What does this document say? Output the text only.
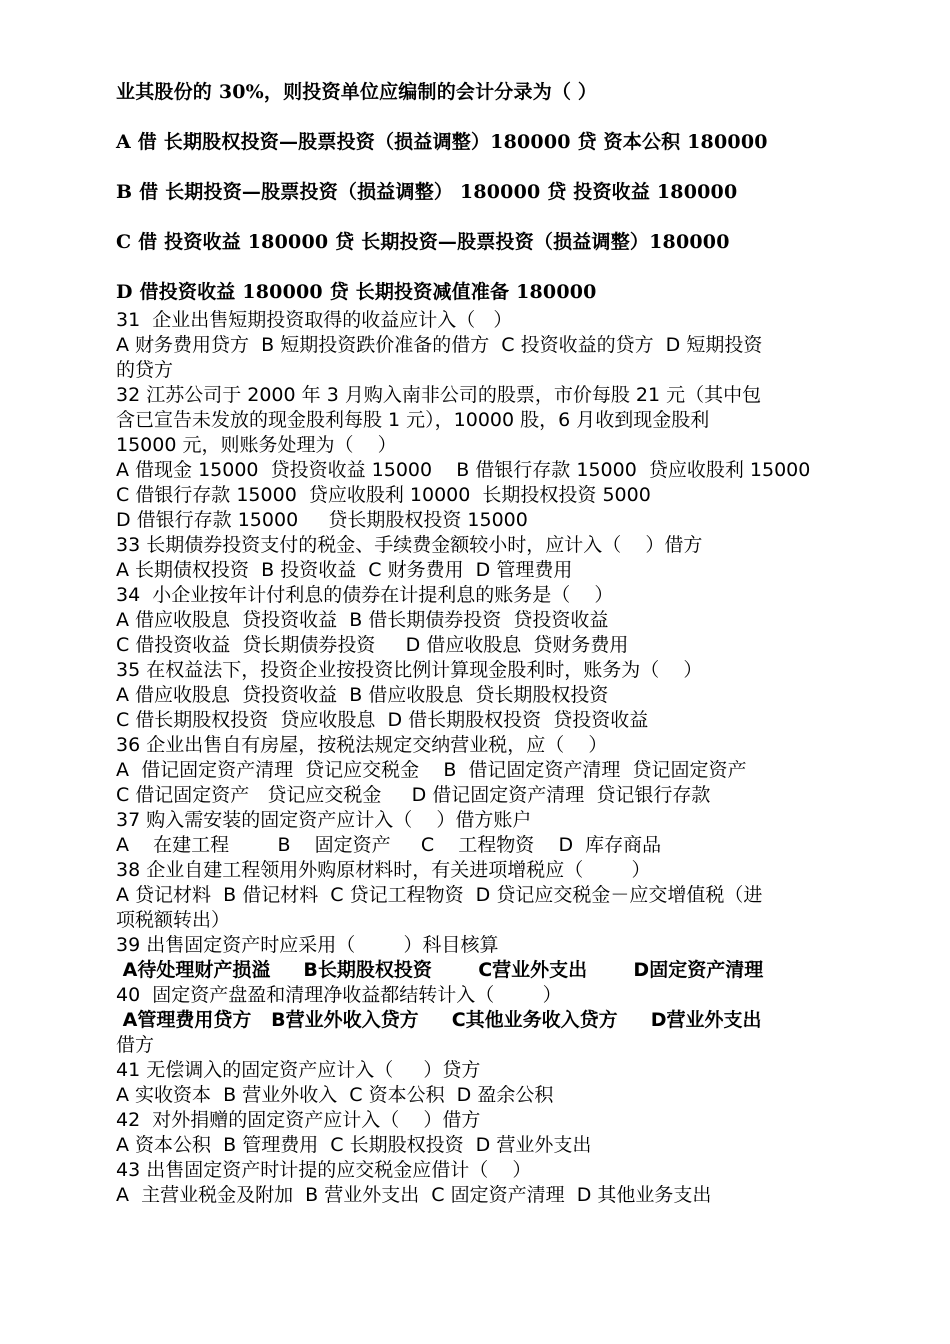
业其股份的 30%，则投资单位应编制的会计分录为（ ）
A 借 长期股权投资—股票投资（损益调整）180000 贷 资本公积 180000
B 借 长期投资—股票投资（损益调整） 180000 贷 投资收益 180000
C 借 投资收益 180000 贷 长期投资—股票投资（损益调整）180000
D 借投资收益 180000 贷 长期投资减值准备 180000
31  企业出售短期投资取得的收益应计入（   ）
A 财务费用贷方  B 短期投资跌价准备的借方  C 投资收益的贷方  D 短期投资
的贷方
32 江苏公司于 2000 年 3 月购入南非公司的股票，市价每股 21 元（其中包
含已宣告未发放的现金股利每股 1 元），10000 股，6 月收到现金股利
15000 元，则账务处理为（    ）
A 借现金 15000  贷投资收益 15000    B 借银行存款 15000  贷应收股利 15000
C 借银行存款 15000  贷应收股利 10000  长期投权投资 5000
D 借银行存款 15000     贷长期股权投资 15000
33 长期债券投资支付的税金、手续费金额较小时，应计入（    ）借方
A 长期债权投资  B 投资收益  C 财务费用  D 管理费用
34  小企业按年计付利息的债券在计提利息的账务是（    ）
A 借应收股息  贷投资收益  B 借长期债券投资  贷投资收益
C 借投资收益  贷长期债券投资     D 借应收股息  贷财务费用
35 在权益法下，投资企业按投资比例计算现金股利时，账务为（    ）
A 借应收股息  贷投资收益  B 借应收股息  贷长期股权投资
C 借长期股权投资  贷应收股息  D 借长期股权投资  贷投资收益
36 企业出售自有房屋，按税法规定交纳营业税，应（    ）
A  借记固定资产清理  贷记应交税金    B  借记固定资产清理  贷记固定资产
C 借记固定资产   贷记应交税金     D 借记固定资产清理  贷记银行存款
37 购入需安装的固定资产应计入（    ）借方账户
A    在建工程        B    固定资产     C    工程物资    D  库存商品
38 企业自建工程领用外购原材料时，有关进项增税应（        ）
A 贷记材料  B 借记材料  C 贷记工程物资  D 贷记应交税金－应交增值税（进
项税额转出）
39 出售固定资产时应采用（        ）科目核算
A待处理财产损溢     B长期股权投资       C营业外支出       D固定资产清理
40  固定资产盘盈和清理净收益都结转计入（        ）
A管理费用贷方   B营业外收入贷方     C其他业务收入贷方     D营业外支出
借方
41 无偿调入的固定资产应计入（     ）贷方
A 实收资本  B 营业外收入  C 资本公积  D 盈余公积
42  对外捐赠的固定资产应计入（    ）借方
A 资本公积  B 管理费用  C 长期股权投资  D 营业外支出
43 出售固定资产时计提的应交税金应借计（    ）
A  主营业税金及附加  B 营业外支出  C 固定资产清理  D 其他业务支出
